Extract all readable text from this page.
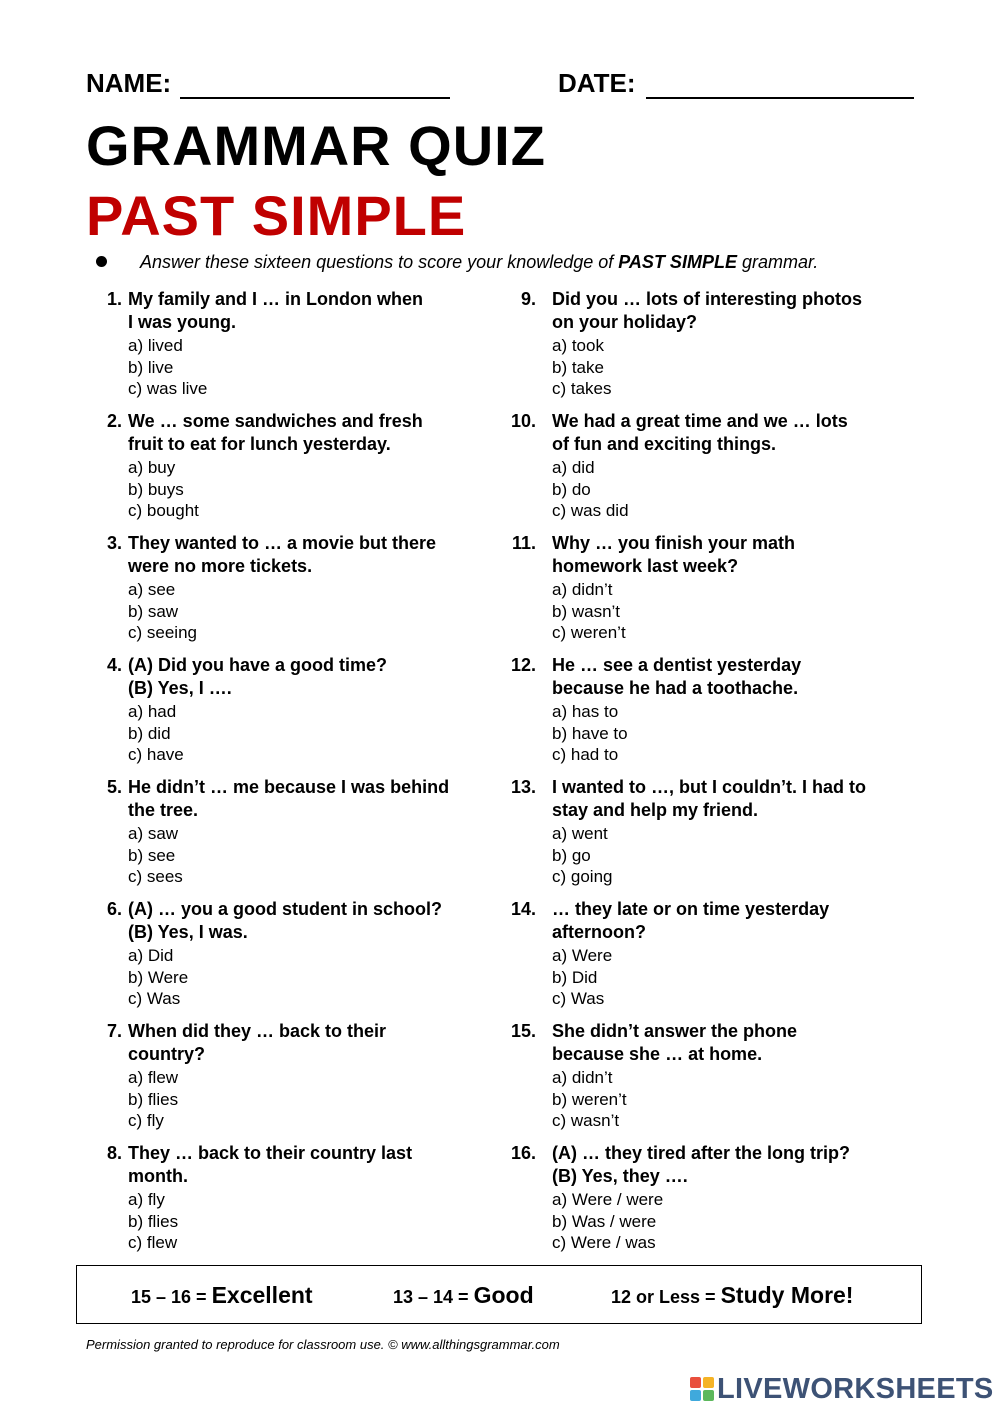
NAME:	DATE:
GRAMMAR QUIZ
PAST SIMPLE
Answer these sixteen questions to score your knowledge of PAST SIMPLE grammar.
1. My family and I … in London when
I was young.
a) lived
b) live
c) was live
2. We … some sandwiches and fresh
fruit to eat for lunch yesterday.
a) buy
b) buys
c) bought
3. They wanted to … a movie but there
were no more tickets.
a) see
b) saw
c) seeing
4. (A) Did you have a good time?
(B) Yes, I ….
a) had
b) did
c) have
5. He didn’t … me because I was behind
the tree.
a) saw
b) see
c) sees
6. (A) … you a good student in school?
(B) Yes, I was.
a) Did
b) Were
c) Was
7. When did they … back to their
country?
a) flew
b) flies
c) fly
8. They … back to their country last
month.
a) fly
b) flies
c) flew
9. Did you … lots of interesting photos
on your holiday?
a) took
b) take
c) takes
10. We had a great time and we … lots
of fun and exciting things.
a) did
b) do
c) was did
11. Why … you finish your math
homework last week?
a) didn’t
b) wasn’t
c) weren’t
12. He … see a dentist yesterday
because he had a toothache.
a) has to
b) have to
c) had to
13. I wanted to …, but I couldn’t. I had to
stay and help my friend.
a) went
b) go
c) going
14. … they late or on time yesterday
afternoon?
a) Were
b) Did
c) Was
15. She didn’t answer the phone
because she … at home.
a) didn’t
b) weren’t
c) wasn’t
16. (A) … they tired after the long trip?
(B) Yes, they ….
a) Were / were
b) Was / were
c) Were / was
15 – 16 = Excellent	13 – 14 = Good	12 or Less = Study More!
Permission granted to reproduce for classroom use. © www.allthingsgrammar.com
LIVEWORKSHEETS
